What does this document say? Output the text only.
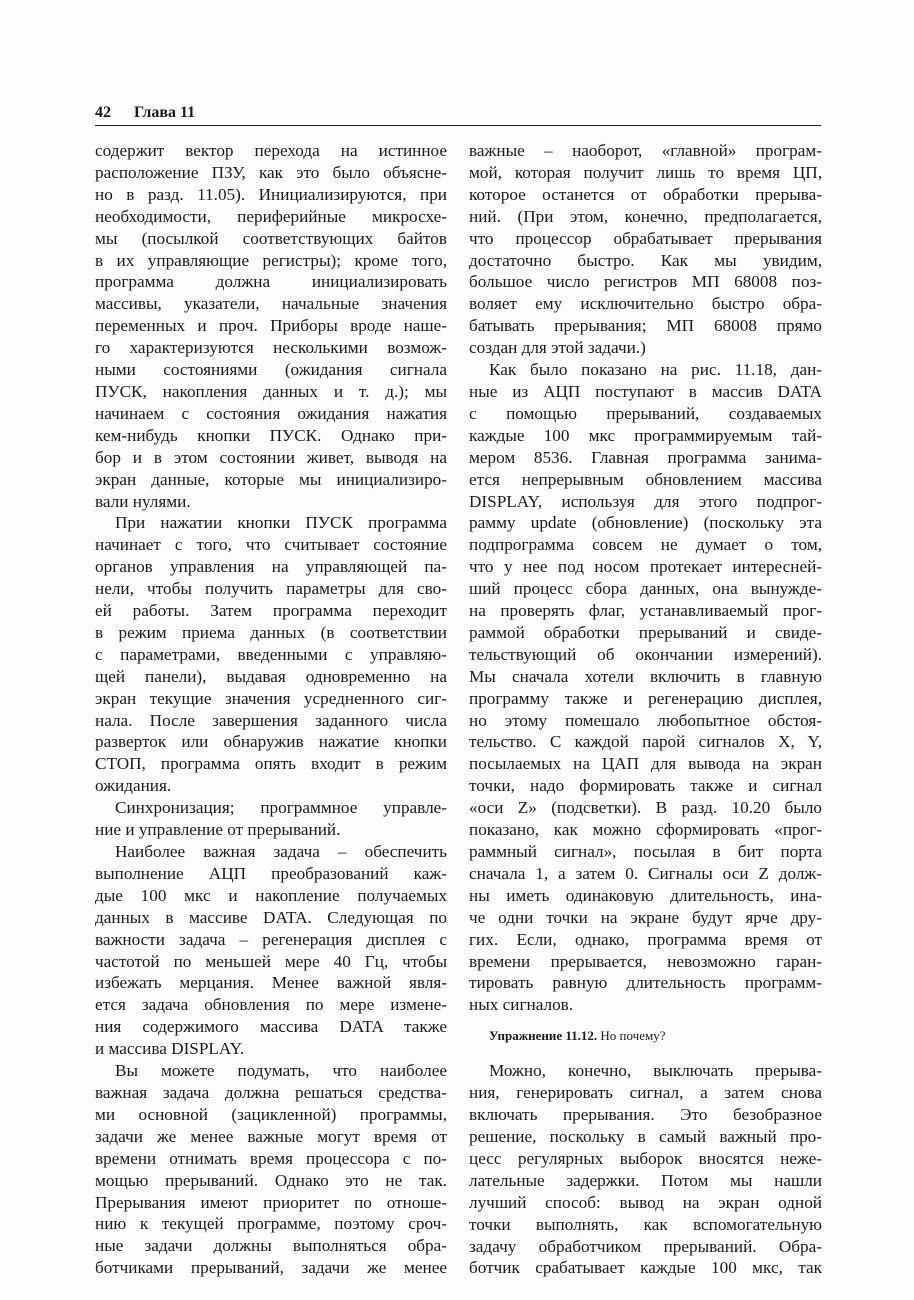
42 Глава 11
содержит вектор перехода на истинное
расположение ПЗУ, как это было объясне-
но в разд. 11.05). Инициализируются, при
необходимости, периферийные микросхе-
мы (посылкой соответствующих байтов
в их управляющие регистры); кроме того,
программа должна инициализировать
массивы, указатели, начальные значения
переменных и проч. Приборы вроде наше-
го характеризуются несколькими возмож-
ными состояниями (ожидания сигнала
ПУСК, накопления данных и т. д.); мы
начинаем с состояния ожидания нажатия
кем-нибудь кнопки ПУСК. Однако при-
бор и в этом состоянии живет, выводя на
экран данные, которые мы инициализиро-
вали нулями.
При нажатии кнопки ПУСК программа
начинает с того, что считывает состояние
органов управления на управляющей па-
нели, чтобы получить параметры для сво-
ей работы. Затем программа переходит
в режим приема данных (в соответствии
с параметрами, введенными с управляю-
щей панели), выдавая одновременно на
экран текущие значения усредненного сиг-
нала. После завершения заданного числа
разверток или обнаружив нажатие кнопки
СТОП, программа опять входит в режим
ожидания.
Синхронизация; программное управле-
ние и управление от прерываний.
Наиболее важная задача – обеспечить
выполнение АЦП преобразований каж-
дые 100 мкс и накопление получаемых
данных в массиве DATA. Следующая по
важности задача – регенерация дисплея с
частотой по меньшей мере 40 Гц, чтобы
избежать мерцания. Менее важной явля-
ется задача обновления по мере измене-
ния содержимого массива DATA также
и массива DISPLAY.
Вы можете подумать, что наиболее
важная задача должна решаться средства-
ми основной (зацикленной) программы,
задачи же менее важные могут время от
времени отнимать время процессора с по-
мощью прерываний. Однако это не так.
Прерывания имеют приоритет по отноше-
нию к текущей программе, поэтому сроч-
ные задачи должны выполняться обра-
ботчиками прерываний, задачи же менее
важные – наоборот, «главной» програм-
мой, которая получит лишь то время ЦП,
которое останется от обработки прерыва-
ний. (При этом, конечно, предполагается,
что процессор обрабатывает прерывания
достаточно быстро. Как мы увидим,
большое число регистров МП 68008 поз-
воляет ему исключительно быстро обра-
батывать прерывания; МП 68008 прямо
создан для этой задачи.)
Как было показано на рис. 11.18, дан-
ные из АЦП поступают в массив DATA
с помощью прерываний, создаваемых
каждые 100 мкс программируемым тай-
мером 8536. Главная программа занима-
ется непрерывным обновлением массива
DISPLAY, используя для этого подпрог-
рамму update (обновление) (поскольку эта
подпрограмма совсем не думает о том,
что у нее под носом протекает интересней-
ший процесс сбора данных, она вынужде-
на проверять флаг, устанавливаемый прог-
раммой обработки прерываний и свиде-
тельствующий об окончании измерений).
Мы сначала хотели включить в главную
программу также и регенерацию дисплея,
но этому помешало любопытное обстоя-
тельство. С каждой парой сигналов X, Y,
посылаемых на ЦАП для вывода на экран
точки, надо формировать также и сигнал
«оси Z» (подсветки). В разд. 10.20 было
показано, как можно сформировать «прог-
раммный сигнал», посылая в бит порта
сначала 1, а затем 0. Сигналы оси Z долж-
ны иметь одинаковую длительность, ина-
че одни точки на экране будут ярче дру-
гих. Если, однако, программа время от
времени прерывается, невозможно гаран-
тировать равную длительность программ-
ных сигналов.
Упражнение 11.12. Но почему?
Можно, конечно, выключать прерыва-
ния, генерировать сигнал, а затем снова
включать прерывания. Это безобразное
решение, поскольку в самый важный про-
цесс регулярных выборок вносятся неже-
лательные задержки. Потом мы нашли
лучший способ: вывод на экран одной
точки выполнять, как вспомогательную
задачу обработчиком прерываний. Обра-
ботчик срабатывает каждые 100 мкс, так
